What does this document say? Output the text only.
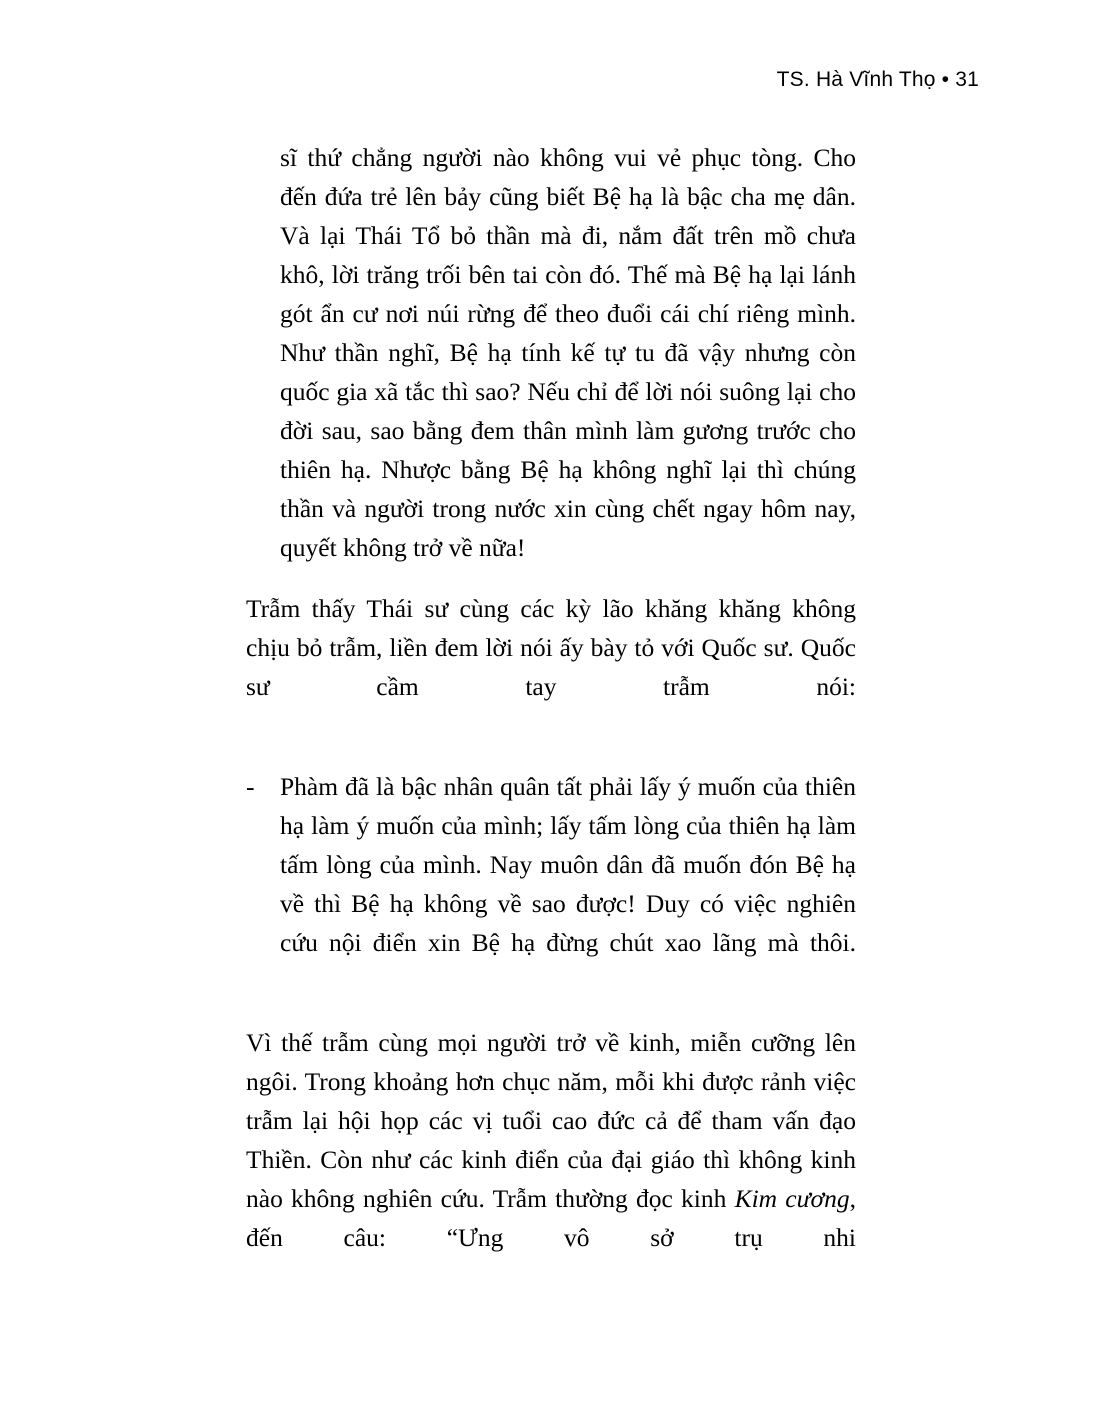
TS. Hà Vĩnh Thọ • 31

sĩ thứ chẳng người nào không vui vẻ phục tòng. Cho đến đứa trẻ lên bảy cũng biết Bệ hạ là bậc cha mẹ dân. Và lại Thái Tổ bỏ thần mà đi, nắm đất trên mồ chưa khô, lời trăng trối bên tai còn đó. Thế mà Bệ hạ lại lánh gót ẩn cư nơi núi rừng để theo đuổi cái chí riêng mình. Như thần nghĩ, Bệ hạ tính kế tự tu đã vậy nhưng còn quốc gia xã tắc thì sao? Nếu chỉ để lời nói suông lại cho đời sau, sao bằng đem thân mình làm gương trước cho thiên hạ. Nhược bằng Bệ hạ không nghĩ lại thì chúng thần và người trong nước xin cùng chết ngay hôm nay, quyết không trở về nữa!

Trẫm thấy Thái sư cùng các kỳ lão khăng khăng không chịu bỏ trẫm, liền đem lời nói ấy bày tỏ với Quốc sư. Quốc sư cầm tay trẫm nói:

-	Phàm đã là bậc nhân quân tất phải lấy ý muốn của thiên hạ làm ý muốn của mình; lấy tấm lòng của thiên hạ làm tấm lòng của mình. Nay muôn dân đã muốn đón Bệ hạ về thì Bệ hạ không về sao được! Duy có việc nghiên cứu nội điển xin Bệ hạ đừng chút xao lãng mà thôi.

Vì thế trẫm cùng mọi người trở về kinh, miễn cưỡng lên ngôi. Trong khoảng hơn chục năm, mỗi khi được rảnh việc trẫm lại hội họp các vị tuổi cao đức cả để tham vấn đạo Thiền. Còn như các kinh điển của đại giáo thì không kinh nào không nghiên cứu. Trẫm thường đọc kinh Kim cương, đến câu: “Ưng vô sở trụ nhi
